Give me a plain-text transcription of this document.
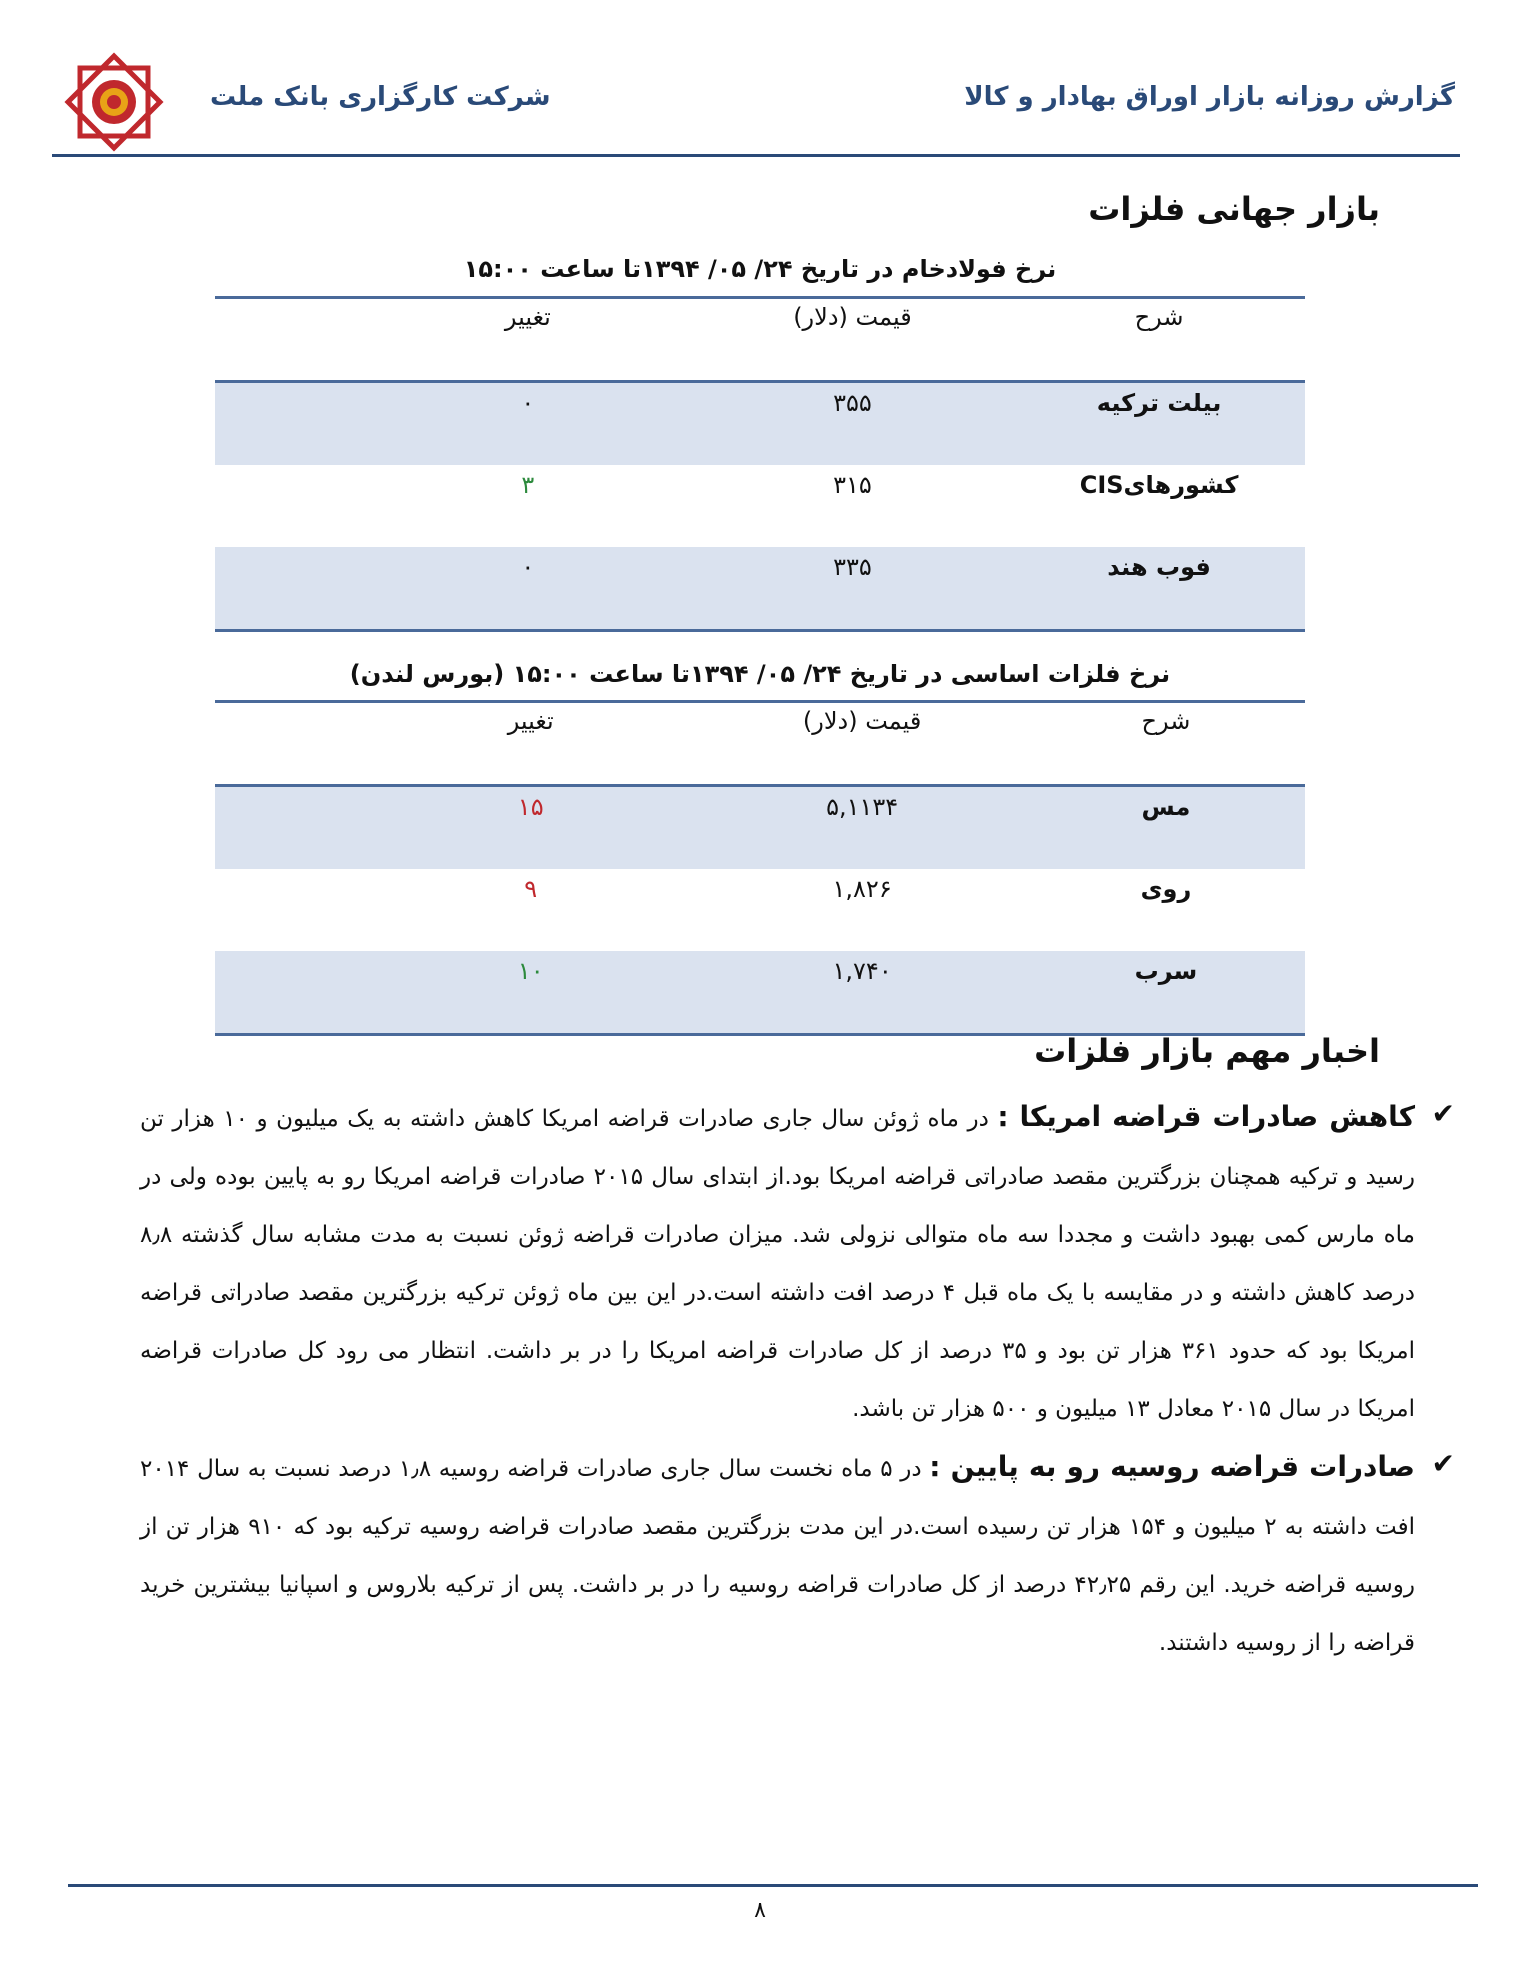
گزارش روزانه بازار اوراق بهادار و کالا
شرکت کارگزاری بانک ملت
بازار جهانی فلزات
نرخ فولادخام در تاریخ ۲۴/ ۰۵/ ۱۳۹۴تا ساعت ۱۵:۰۰
شرح	قیمت (دلار)	تغییر
بیلت ترکیه	۳۵۵	۰
کشورهایCIS	۳۱۵	۳
فوب هند	۳۳۵	۰
نرخ فلزات اساسی در تاریخ ۲۴/ ۰۵/ ۱۳۹۴تا ساعت ۱۵:۰۰ (بورس لندن)
شرح	قیمت (دلار)	تغییر
مس	۵,۱۱۳۴	۱۵
روی	۱,۸۲۶	۹
سرب	۱,۷۴۰	۱۰
اخبار مهم بازار فلزات
✔
کاهش صادرات قراضه امریکا : در ماه ژوئن سال جاری صادرات قراضه امریکا کاهش داشته به یک میلیون و ۱۰ هزار تن رسید و ترکیه همچنان بزرگترین مقصد صادراتی قراضه امریکا بود.از ابتدای سال ۲۰۱۵ صادرات قراضه امریکا رو به پایین بوده ولی در ماه مارس کمی بهبود داشت و مجددا سه ماه متوالی نزولی شد. میزان صادرات قراضه ژوئن نسبت به مدت مشابه سال گذشته ۸٫۸ درصد کاهش داشته و در مقایسه با یک ماه قبل ۴ درصد افت داشته است.در این بین ماه ژوئن ترکیه بزرگترین مقصد صادراتی قراضه امریکا بود که حدود ۳۶۱ هزار تن بود و ۳۵ درصد از کل صادرات قراضه امریکا را در بر داشت. انتظار می رود کل صادرات قراضه امریکا در سال ۲۰۱۵ معادل ۱۳ میلیون و ۵۰۰ هزار تن باشد.
✔
صادرات قراضه روسیه رو به پایین : در ۵ ماه نخست سال جاری صادرات قراضه روسیه ۱٫۸ درصد نسبت به سال ۲۰۱۴ افت داشته به ۲ میلیون و ۱۵۴ هزار تن رسیده است.در این مدت بزرگترین مقصد صادرات قراضه روسیه ترکیه بود که ۹۱۰ هزار تن از روسیه قراضه خرید. این رقم ۴۲٫۲۵ درصد از کل صادرات قراضه روسیه را در بر داشت. پس از ترکیه بلاروس و اسپانیا بیشترین خرید قراضه را از روسیه داشتند.
۸
